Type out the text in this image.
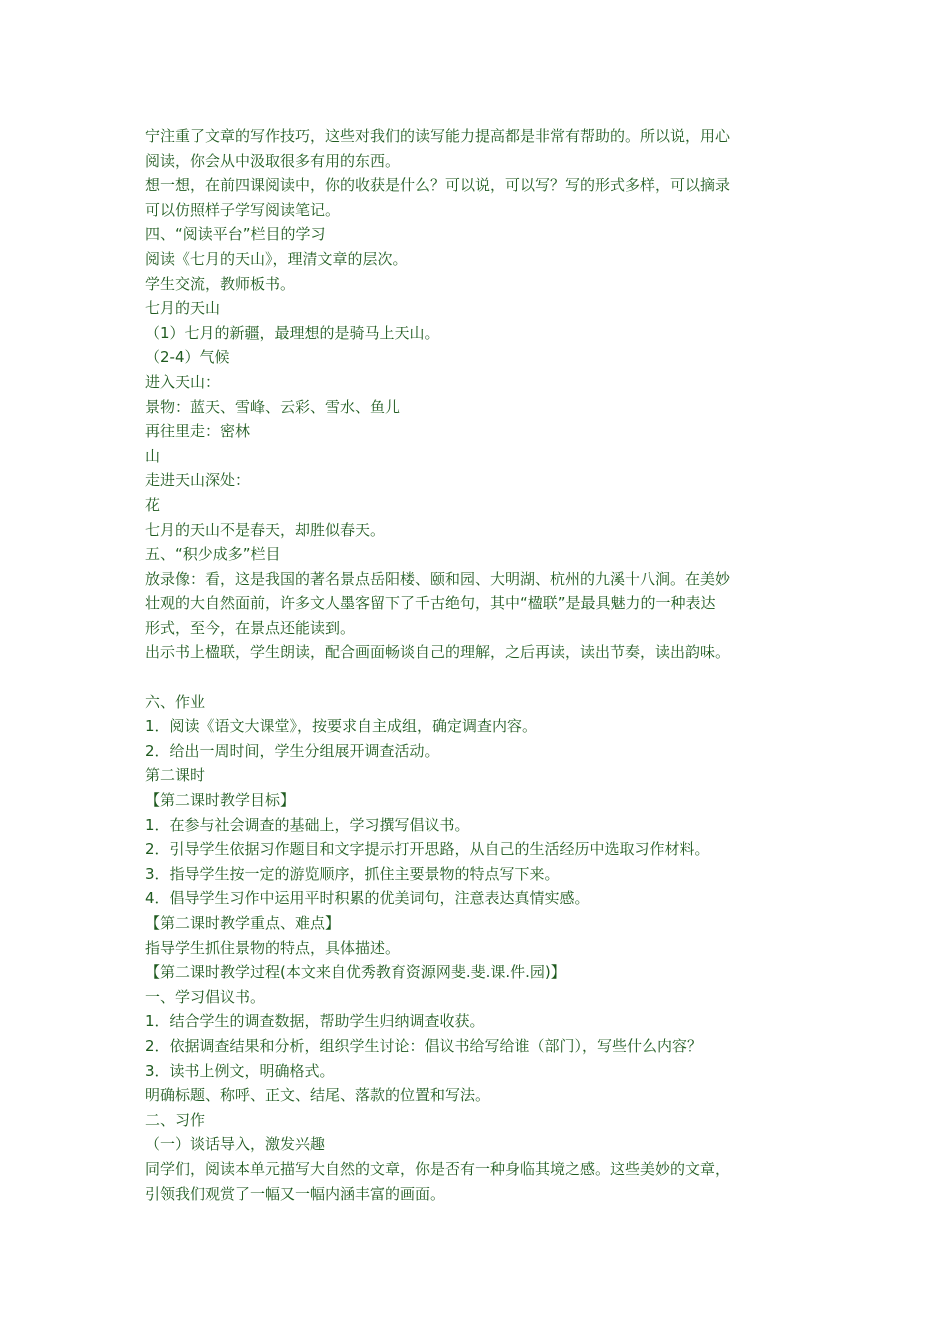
宁注重了文章的写作技巧，这些对我们的读写能力提高都是非常有帮助的。所以说，用心

阅读，你会从中汲取很多有用的东西。

想一想，在前四课阅读中，你的收获是什么？可以说，可以写？写的形式多样，可以摘录

可以仿照样子学写阅读笔记。

四、“阅读平台”栏目的学习

阅读《七月的天山》，理清文章的层次。

学生交流，教师板书。

七月的天山

（1）七月的新疆，最理想的是骑马上天山。

（2-4）气候

进入天山：

景物：蓝天、雪峰、云彩、雪水、鱼儿

再往里走：密林

山

走进天山深处：

花

七月的天山不是春天，却胜似春天。

五、“积少成多”栏目

放录像：看，这是我国的著名景点岳阳楼、颐和园、大明湖、杭州的九溪十八涧。在美妙

壮观的大自然面前，许多文人墨客留下了千古绝句，其中“楹联”是最具魅力的一种表达

形式，至今，在景点还能读到。

出示书上楹联，学生朗读，配合画面畅谈自己的理解，之后再读，读出节奏，读出韵味。

六、作业

1．阅读《语文大课堂》，按要求自主成组，确定调查内容。

2．给出一周时间，学生分组展开调查活动。

第二课时

【第二课时教学目标】

1．在参与社会调查的基础上，学习撰写倡议书。

2．引导学生依据习作题目和文字提示打开思路，从自己的生活经历中选取习作材料。

3．指导学生按一定的游览顺序，抓住主要景物的特点写下来。

4．倡导学生习作中运用平时积累的优美词句，注意表达真情实感。

【第二课时教学重点、难点】

指导学生抓住景物的特点，具体描述。

【第二课时教学过程(本文来自优秀教育资源网斐.斐.课.件.园)】

一、学习倡议书。

1．结合学生的调查数据，帮助学生归纳调查收获。

2．依据调查结果和分析，组织学生讨论：倡议书给写给谁（部门），写些什么内容？

3．读书上例文，明确格式。

明确标题、称呼、正文、结尾、落款的位置和写法。

二、习作

（一）谈话导入，激发兴趣

同学们，阅读本单元描写大自然的文章，你是否有一种身临其境之感。这些美妙的文章，

引领我们观赏了一幅又一幅内涵丰富的画面。
